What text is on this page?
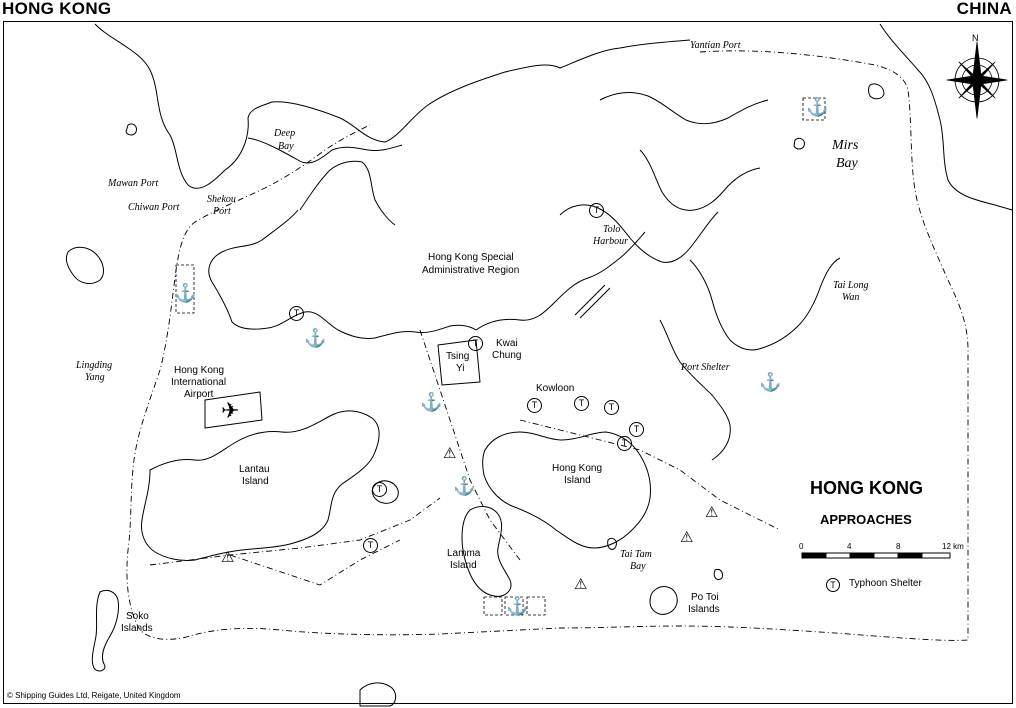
HONG KONG	CHINA
⚓
⚓
⚓
⚓
⚓
⚓
⚓
✈
⚠
⚠
⚠
⚠
⚠
T
T
T
T	T	T
T
T
T
T
Yantian Port
Mirs
Bay
Deep
Bay
Mawan Port
Chiwan Port
Shekou
Port
Hong Kong Special
Administrative Region
Tolo
Harbour
Tai Long
Wan
Lingding
Yang
Hong Kong
International
Airport
Tsing
Yi
Kwai
Chung
Kowloon
Port Shelter
Lantau
Island
Hong Kong
Island
Lamma
Island
Tai Tam
Bay
Po Toi
Islands
Soko
Islands
N
HONG KONG
APPROACHES
0	4	8	12 km
T	Typhoon Shelter
© Shipping Guides Ltd, Reigate, United Kingdom
